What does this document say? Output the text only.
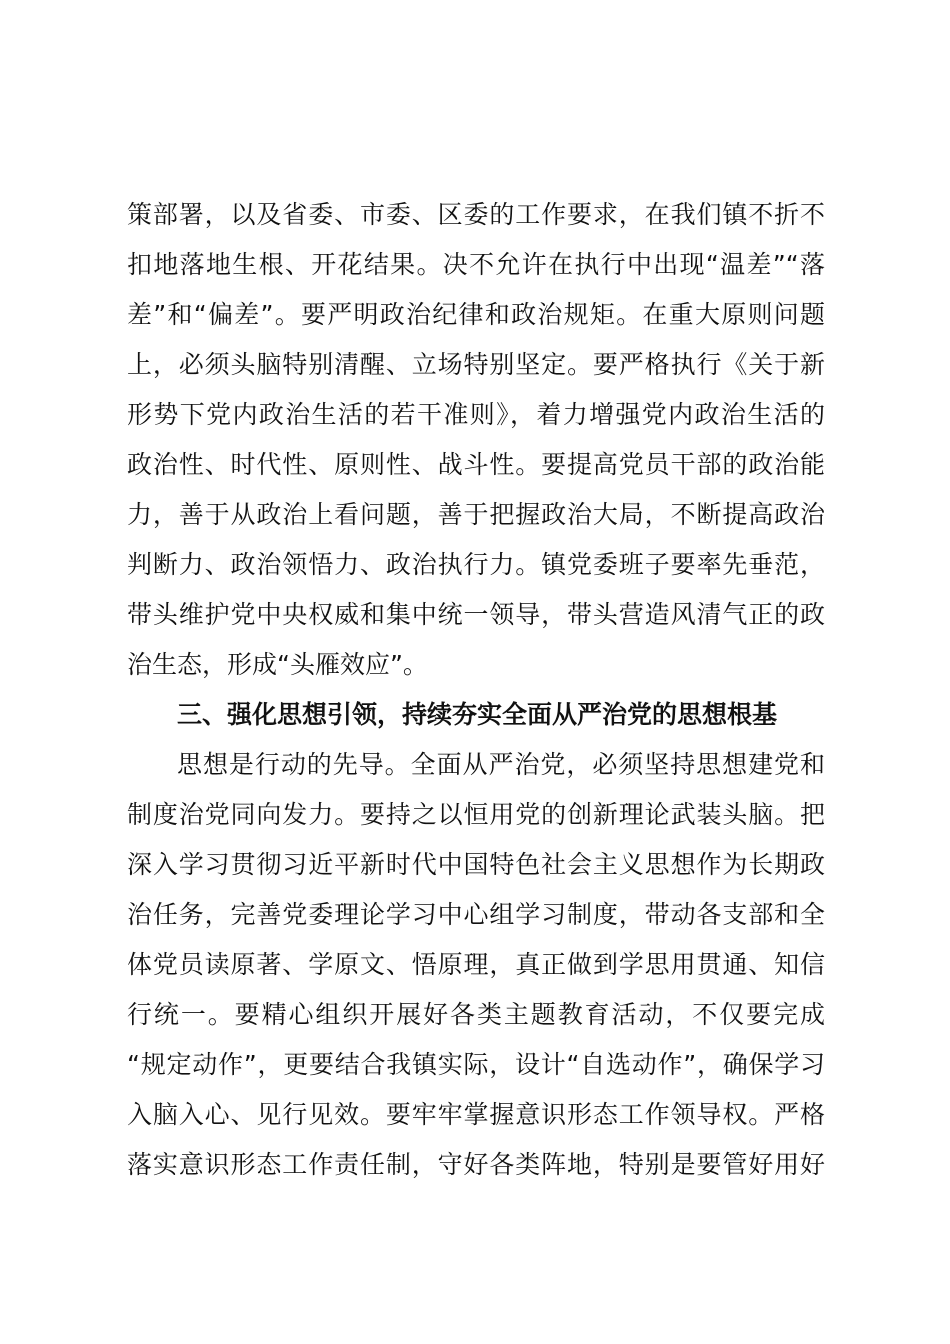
策部署，以及省委、市委、区委的工作要求，在我们镇不折不
扣地落地生根、开花结果。决不允许在执行中出现“温差”“落
差”和“偏差”。要严明政治纪律和政治规矩。在重大原则问题
上，必须头脑特别清醒、立场特别坚定。要严格执行《关于新
形势下党内政治生活的若干准则》，着力增强党内政治生活的
政治性、时代性、原则性、战斗性。要提高党员干部的政治能
力，善于从政治上看问题，善于把握政治大局，不断提高政治
判断力、政治领悟力、政治执行力。镇党委班子要率先垂范，
带头维护党中央权威和集中统一领导，带头营造风清气正的政
治生态，形成“头雁效应”。
三、强化思想引领，持续夯实全面从严治党的思想根基
思想是行动的先导。全面从严治党，必须坚持思想建党和
制度治党同向发力。要持之以恒用党的创新理论武装头脑。把
深入学习贯彻习近平新时代中国特色社会主义思想作为长期政
治任务，完善党委理论学习中心组学习制度，带动各支部和全
体党员读原著、学原文、悟原理，真正做到学思用贯通、知信
行统一。要精心组织开展好各类主题教育活动，不仅要完成
“规定动作”，更要结合我镇实际，设计“自选动作”，确保学习
入脑入心、见行见效。要牢牢掌握意识形态工作领导权。严格
落实意识形态工作责任制，守好各类阵地，特别是要管好用好
